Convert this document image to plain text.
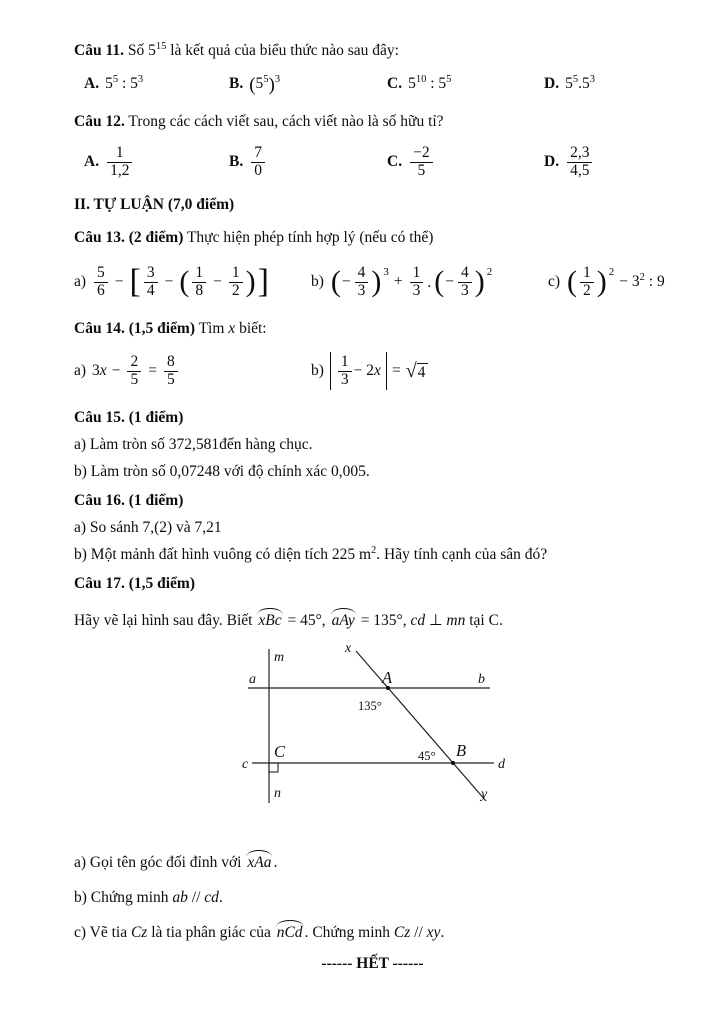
Câu 11. Số $5^{15}$ là kết quả của biểu thức nào sau đây:

A. $5^5$ : $5^3$	B. $(5^5)^3$	C. $5^{10}$ : $5^5$	D. $5^5.5^3$

Câu 12. Trong các cách viết sau, cách viết nào là số hữu tỉ?

A. $\frac{1}{1,2}$	B. $\frac{7}{0}$	C. $\frac{-2}{5}$	D. $\frac{2,3}{4,5}$

II. TỰ LUẬN (7,0 điểm)

Câu 13. (2 điểm) Thực hiện phép tính hợp lý (nếu có thể)

$a) \frac{5}{6}$ − [ $\frac{3}{4}$ − ( $\frac{1}{8} - \frac{1}{2}$ ) ]	b) ( − $\frac{4}{3} )^3$
+ $\frac{1}{3}$ . ( − $\frac{4}{3} )^2$
c) ( $\frac{1}{2} )^2$
− $3^2$ : 9

Câu 14. (1,5 điểm) Tìm x biết:

a) $3x - \frac{2}{5} = \frac{8}{5}$	$b) \frac{1}{3} - 2x = √4$

Câu 15. (1 điểm)

a) Làm tròn số 372,581đến hàng chục.

b) Làm tròn số 0,07248 với độ chính xác 0,005.

Câu 16. (1 điểm)

a) So sánh 7,(2) và 7,21

b) Một mảnh đất hình vuông có diện tích 225 $m^2$. Hãy tính cạnh của sân đó?

Câu 17. (1,5 điểm)

Hãy vẽ lại hình sau đây. Biết xBc = 45°, aAy = 135°, cd ⊥ mn tại C.

m
n
a	b
c	d
x
y
A
B
C
135°
45°

a) Gọi tên góc đối đỉnh với xAa .

b) Chứng minh ab // cd.

c) Vẽ tia Cz là tia phân giác của nCd . Chứng minh Cz // xy.

------ HẾT ------
